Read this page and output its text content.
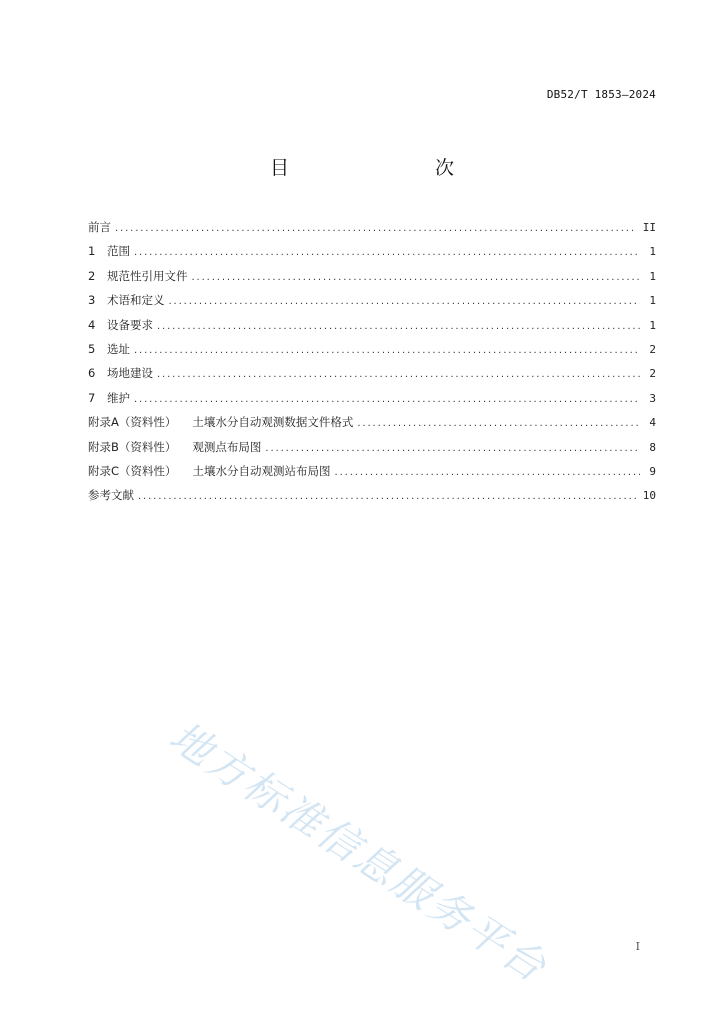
DB52/T 1853—2024
目　　次
前言 . . .	II
1	范围 . . .	1
2	规范性引用文件 . . .	1
3	术语和定义 . . .	1
4	设备要求 . . .	1
5	选址 . . .	2
6	场地建设 . . .	2
7	维护 . . .	3
附录A（资料性） 土壤水分自动观测数据文件格式 . . .	4
附录B（资料性） 观测点布局图 . . .	8
附录C（资料性） 土壤水分自动观测站布局图 . . .	9
参考文献 . . .	10
地方标准信息服务平台	I
